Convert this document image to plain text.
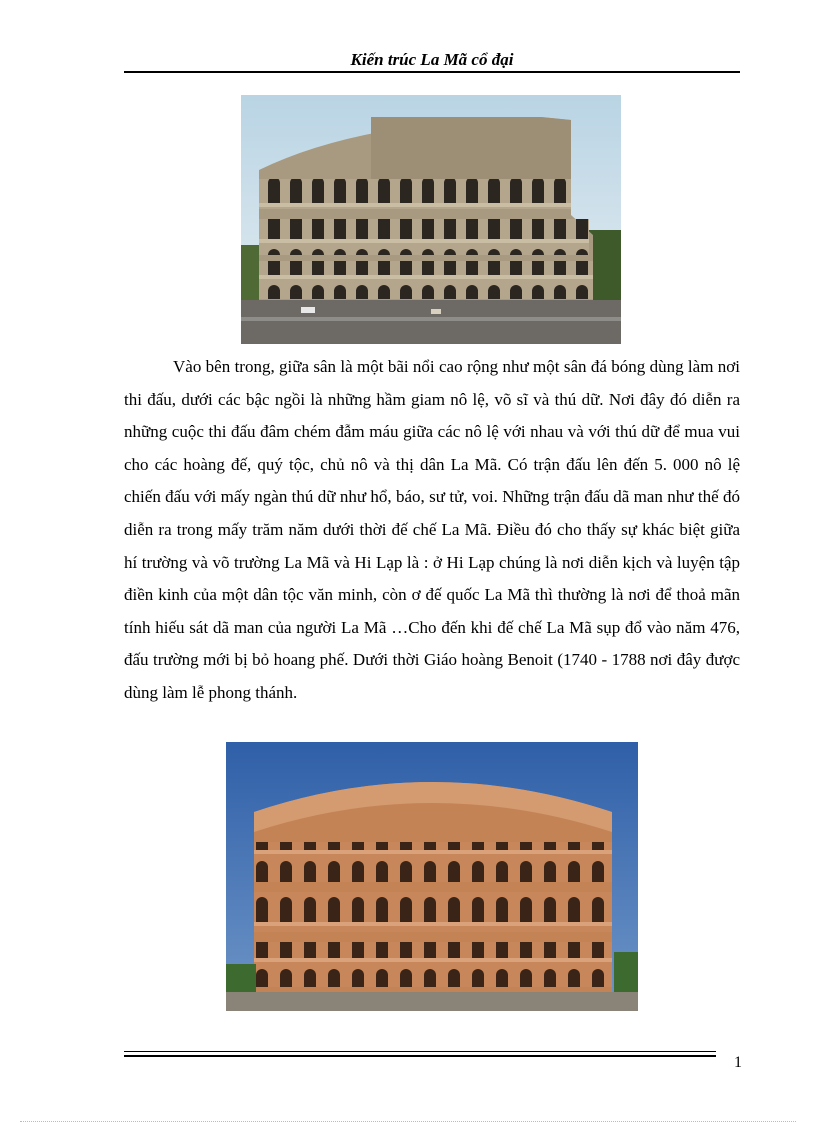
Kiến trúc La Mã cổ đại

Vào bên trong, giữa sân là một bãi nổi cao rộng như một sân đá bóng dùng làm nơi thi đấu, dưới các bậc ngồi là những hầm giam nô lệ, võ sĩ và thú dữ. Nơi đây đó diễn ra những cuộc thi đấu đâm chém đẫm máu giữa các nô lệ với nhau và với thú dữ để mua vui cho các hoàng đế, quý tộc, chủ nô và thị dân La Mã. Có trận đấu lên đến 5. 000 nô lệ chiến đấu với mấy ngàn thú dữ như hổ, báo, sư tử, voi. Những trận đấu dã man như thế đó diễn ra trong mấy trăm năm dưới thời đế chế La Mã. Điều đó cho thấy sự khác biệt giữa hí trường và võ trường La Mã và Hi Lạp là : ở Hi Lạp chúng là nơi diễn kịch và luyện tập điền kinh của một dân tộc văn minh, còn ơ đế quốc La Mã thì thường là nơi để thoả mãn tính hiếu sát dã man của người La Mã …Cho đến khi đế chế La Mã sụp đổ vào năm 476, đấu trường mới bị bỏ hoang phế. Dưới thời Giáo hoàng Benoit (1740 - 1788 nơi đây được dùng làm lễ phong thánh.

1
